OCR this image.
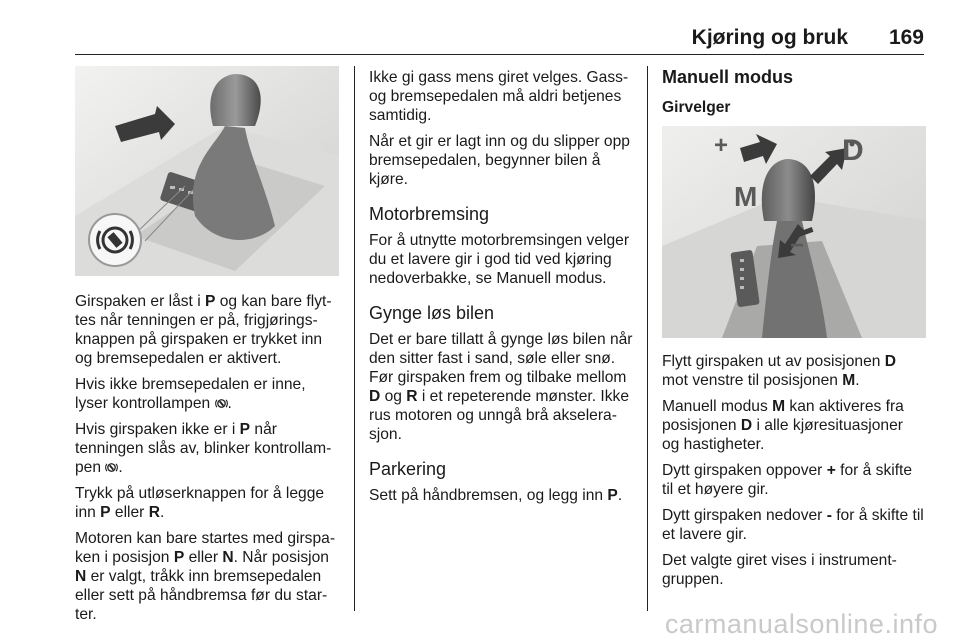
Kjøring og bruk 169

Girspaken er låst i P og kan bare flyt-
tes når tenningen er på, frigjørings-
knappen på girspaken er trykket inn
og bremsepedalen er aktivert.

Hvis ikke bremsepedalen er inne,
lyser kontrollampen .

Hvis girspaken ikke er i P når
tenningen slås av, blinker kontrollam-
pen .

Trykk på utløserknappen for å legge
inn P eller R.

Motoren kan bare startes med girspa-
ken i posisjon P eller N. Når posisjon
N er valgt, tråkk inn bremsepedalen
eller sett på håndbremsa før du star-
ter.

Ikke gi gass mens giret velges. Gass-
og bremsepedalen må aldri betjenes
samtidig.

Når et gir er lagt inn og du slipper opp
bremsepedalen, begynner bilen å
kjøre.

Motorbremsing

For å utnytte motorbremsingen velger
du et lavere gir i god tid ved kjøring
nedoverbakke, se Manuell modus.

Gynge løs bilen

Det er bare tillatt å gynge løs bilen når
den sitter fast i sand, søle eller snø.
Før girspaken frem og tilbake mellom
D og R i et repeterende mønster. Ikke
rus motoren og unngå brå akselera-
sjon.

Parkering

Sett på håndbremsen, og legg inn P.

Manuell modus
Girvelger
+	D
M
−

Flytt girspaken ut av posisjonen D
mot venstre til posisjonen M.

Manuell modus M kan aktiveres fra
posisjonen D i alle kjøresituasjoner
og hastigheter.

Dytt girspaken oppover + for å skifte
til et høyere gir.

Dytt girspaken nedover - for å skifte til
et lavere gir.

Det valgte giret vises i instrument-
gruppen.

carmanualsonline.info
